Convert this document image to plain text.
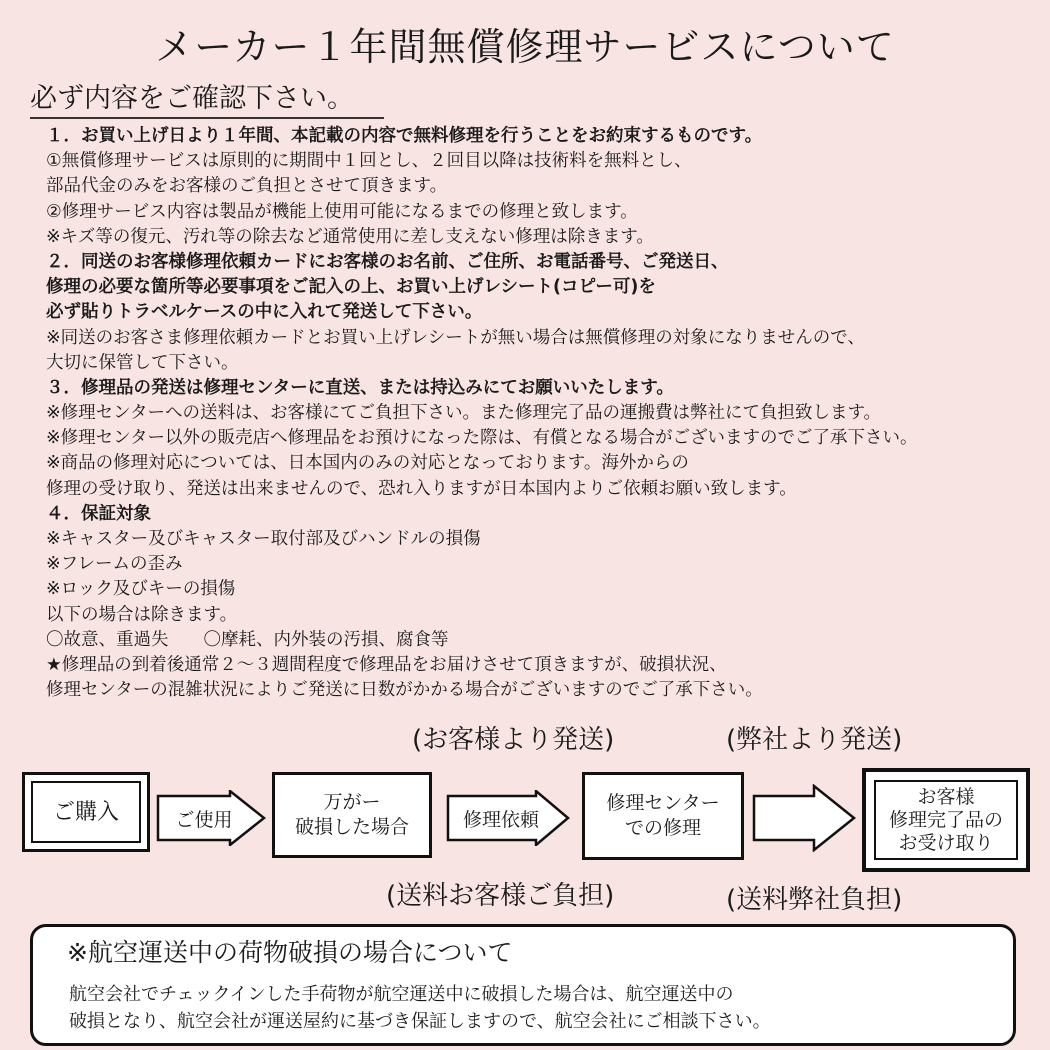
メーカー１年間無償修理サービスについて
必ず内容をご確認下さい。
１．お買い上げ日より１年間、本記載の内容で無料修理を行うことをお約束するものです。
①無償修理サービスは原則的に期間中１回とし、２回目以降は技術料を無料とし、
部品代金のみをお客様のご負担とさせて頂きます。
②修理サービス内容は製品が機能上使用可能になるまでの修理と致します。
※キズ等の復元、汚れ等の除去など通常使用に差し支えない修理は除きます。
２．同送のお客様修理依頼カードにお客様のお名前、ご住所、お電話番号、ご発送日、
修理の必要な箇所等必要事項をご記入の上、お買い上げレシート(コピー可)を
必ず貼りトラベルケースの中に入れて発送して下さい。
※同送のお客さま修理依頼カードとお買い上げレシートが無い場合は無償修理の対象になりませんので、
大切に保管して下さい。
３．修理品の発送は修理センターに直送、または持込みにてお願いいたします。
※修理センターへの送料は、お客様にてご負担下さい。また修理完了品の運搬費は弊社にて負担致します。
※修理センター以外の販売店へ修理品をお預けになった際は、有償となる場合がございますのでご了承下さい。
※商品の修理対応については、日本国内のみの対応となっております。海外からの
修理の受け取り、発送は出来ませんので、恐れ入りますが日本国内よりご依頼お願い致します。
４．保証対象
※キャスター及びキャスター取付部及びハンドルの損傷
※フレームの歪み
※ロック及びキーの損傷
以下の場合は除きます。
〇故意、重過失　　〇摩耗、内外装の汚損、腐食等
★修理品の到着後通常２～３週間程度で修理品をお届けさせて頂きますが、破損状況、
修理センターの混雑状況によりご発送に日数がかかる場合がございますのでご了承下さい。
(お客様より発送)	(弊社より発送)
(送料お客様ご負担)	(送料弊社負担)
ご購入	ご使用
万がー
破損した場合	修理依頼
修理センター
での修理
お客様
修理完了品の
お受け取り
※航空運送中の荷物破損の場合について
航空会社でチェックインした手荷物が航空運送中に破損した場合は、航空運送中の
破損となり、航空会社が運送屋約に基づき保証しますので、航空会社にご相談下さい。
